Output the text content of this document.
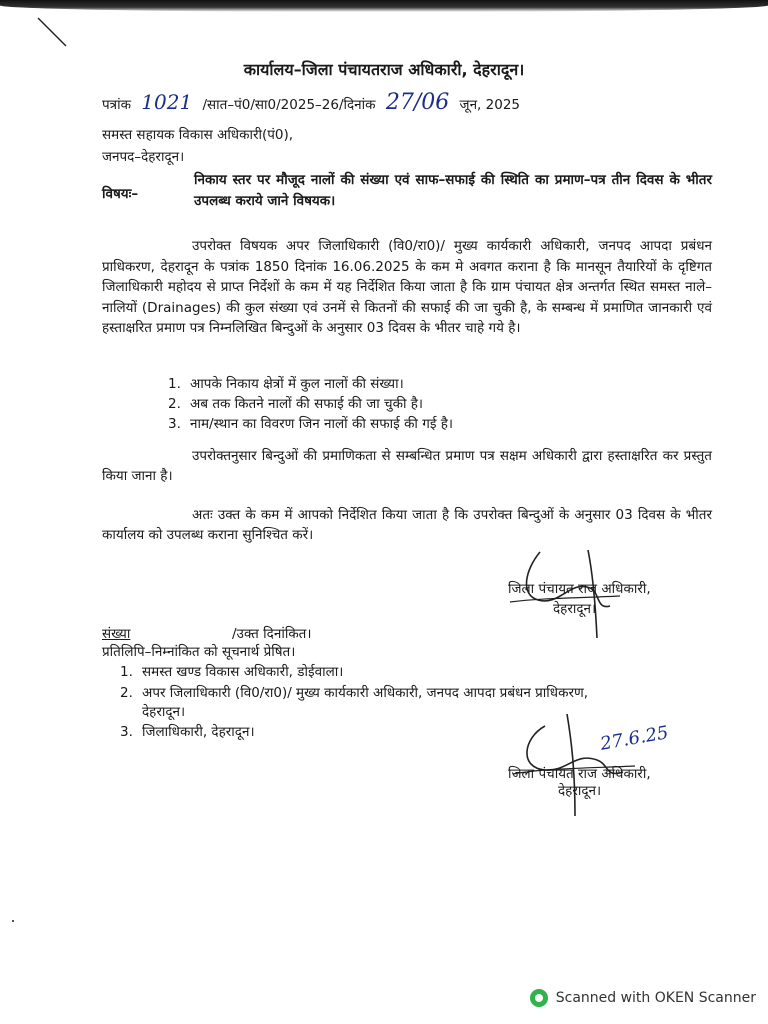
कार्यालय–जिला पंचायतराज अधिकारी, देहरादून।
पत्रांक 1021 /सात–पं0/सा0/2025–26/दिनांक 27/06 जून, 2025
समस्त सहायक विकास अधिकारी(पं0),
जनपद–देहरादून।
विषयः–
निकाय स्तर पर मौजूद नालों की संख्या एवं साफ–सफाई की स्थिति का प्रमाण–पत्र तीन दिवस के भीतर उपलब्ध कराये जाने विषयक।
उपरोक्त विषयक अपर जिलाधिकारी (वि0/रा0)/ मुख्य कार्यकारी अधिकारी, जनपद आपदा प्रबंधन प्राधिकरण, देहरादून के पत्रांक 1850 दिनांक 16.06.2025 के कम मे अवगत कराना है कि मानसून तैयारियों के दृष्टिगत जिलाधिकारी महोदय से प्राप्त निर्देशों के कम में यह निर्देशित किया जाता है कि ग्राम पंचायत क्षेत्र अन्तर्गत स्थित समस्त नाले–नालियों (Drainages) की कुल संख्या एवं उनमें से कितनों की सफाई की जा चुकी है, के सम्बन्ध में प्रमाणित जानकारी एवं हस्ताक्षरित प्रमाण पत्र निम्नलिखित बिन्दुओं के अनुसार 03 दिवस के भीतर चाहे गये है।
1. आपके निकाय क्षेत्रों में कुल नालों की संख्या।
2. अब तक कितने नालों की सफाई की जा चुकी है।
3. नाम/स्थान का विवरण जिन नालों की सफाई की गई है।
उपरोक्तनुसार बिन्दुओं की प्रमाणिकता से सम्बन्धित प्रमाण पत्र सक्षम अधिकारी द्वारा हस्ताक्षरित कर प्रस्तुत किया जाना है।
अतः उक्त के कम में आपको निर्देशित किया जाता है कि उपरोक्त बिन्दुओं के अनुसार 03 दिवस के भीतर कार्यालय को उपलब्ध कराना सुनिश्चित करें।
जिला पंचायत राज अधिकारी,
देहरादून।
संख्या	/उक्त दिनांकित।
प्रतिलिपि–निम्नांकित को सूचनार्थ प्रेषित।
1. समस्त खण्ड विकास अधिकारी, डोईवाला।
2. अपर जिलाधिकारी (वि0/रा0)/ मुख्य कार्यकारी अधिकारी, जनपद आपदा प्रबंधन प्राधिकरण,
देहरादून।
3. जिलाधिकारी, देहरादून।	27.6.25
जिला पंचायत राज अधिकारी,
देहरादून।
Scanned with OKEN Scanner
